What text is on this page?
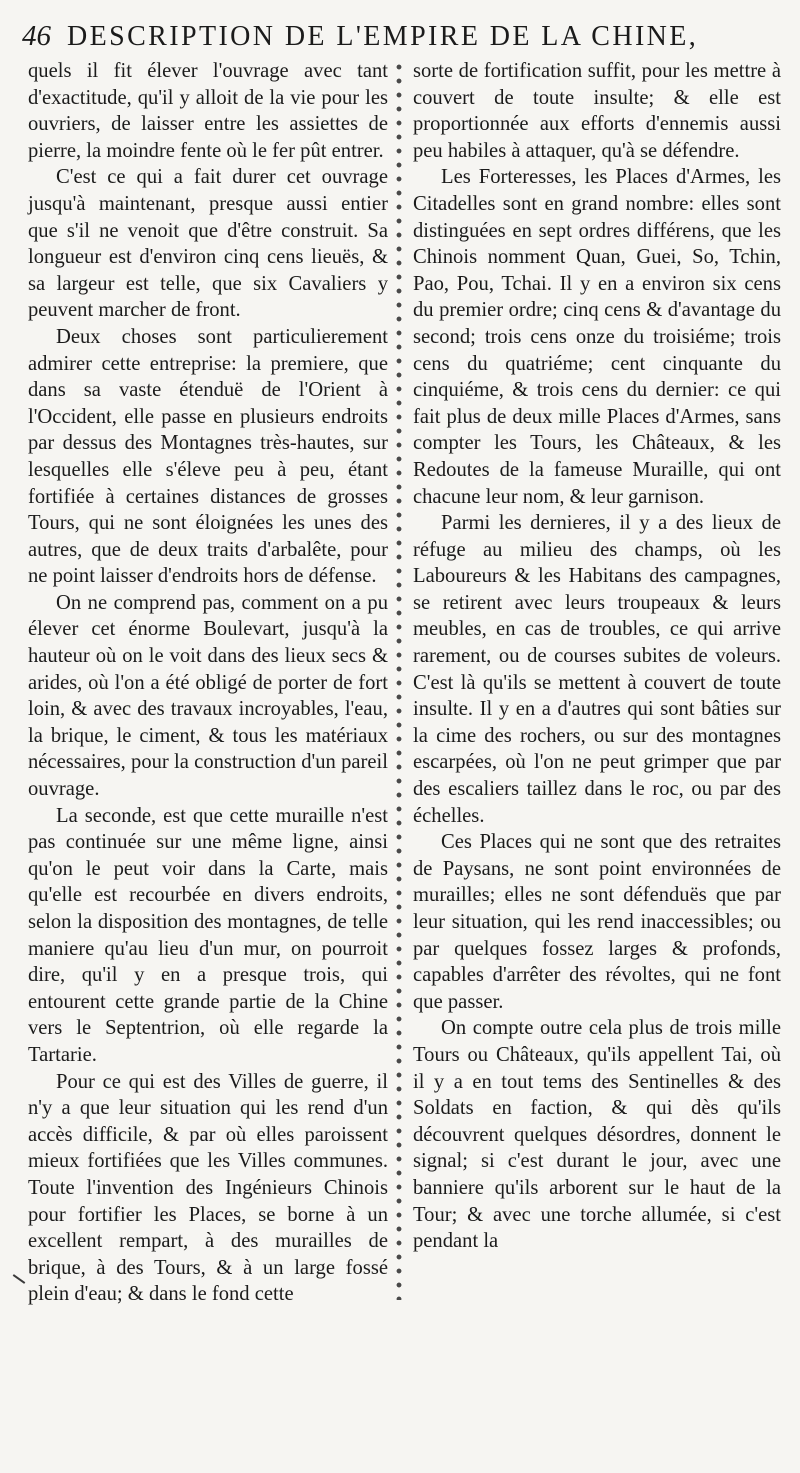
46 DESCRIPTION DE L'EMPIRE DE LA CHINE,

quels il fit élever l'ouvrage avec tant d'exactitude, qu'il y alloit de la vie pour les ouvriers, de laisser entre les assiettes de pierre, la moindre fente où le fer pût entrer.

C'est ce qui a fait durer cet ouvrage jusqu'à maintenant, presque aussi entier que s'il ne venoit que d'être construit. Sa longueur est d'environ cinq cens lieuës, & sa largeur est telle, que six Cavaliers y peuvent marcher de front.

Deux choses sont particulierement admirer cette entreprise: la premiere, que dans sa vaste étenduë de l'Orient à l'Occident, elle passe en plusieurs endroits par dessus des Montagnes très-hautes, sur lesquelles elle s'éleve peu à peu, étant fortifiée à certaines distances de grosses Tours, qui ne sont éloignées les unes des autres, que de deux traits d'arbalête, pour ne point laisser d'endroits hors de défense.

On ne comprend pas, comment on a pu élever cet énorme Boulevart, jusqu'à la hauteur où on le voit dans des lieux secs & arides, où l'on a été obligé de porter de fort loin, & avec des travaux incroyables, l'eau, la brique, le ciment, & tous les matériaux nécessaires, pour la construction d'un pareil ouvrage.

La seconde, est que cette muraille n'est pas continuée sur une même ligne, ainsi qu'on le peut voir dans la Carte, mais qu'elle est recourbée en divers endroits, selon la disposition des montagnes, de telle maniere qu'au lieu d'un mur, on pourroit dire, qu'il y en a presque trois, qui entourent cette grande partie de la Chine vers le Septentrion, où elle regarde la Tartarie.

Pour ce qui est des Villes de guerre, il n'y a que leur situation qui les rend d'un accès difficile, & par où elles paroissent mieux fortifiées que les Villes communes. Toute l'invention des Ingénieurs Chinois pour fortifier les Places, se borne à un excellent rempart, à des murailles de brique, à des Tours, & à un large fossé plein d'eau; & dans le fond cette

sorte de fortification suffit, pour les mettre à couvert de toute insulte; & elle est proportionnée aux efforts d'ennemis aussi peu habiles à attaquer, qu'à se défendre.

Les Forteresses, les Places d'Armes, les Citadelles sont en grand nombre: elles sont distinguées en sept ordres différens, que les Chinois nomment Quan, Guei, So, Tchin, Pao, Pou, Tchai. Il y en a environ six cens du premier ordre; cinq cens & d'avantage du second; trois cens onze du troisiéme; trois cens du quatriéme; cent cinquante du cinquiéme, & trois cens du dernier: ce qui fait plus de deux mille Places d'Armes, sans compter les Tours, les Châteaux, & les Redoutes de la fameuse Muraille, qui ont chacune leur nom, & leur garnison.

Parmi les dernieres, il y a des lieux de réfuge au milieu des champs, où les Laboureurs & les Habitans des campagnes, se retirent avec leurs troupeaux & leurs meubles, en cas de troubles, ce qui arrive rarement, ou de courses subites de voleurs. C'est là qu'ils se mettent à couvert de toute insulte. Il y en a d'autres qui sont bâties sur la cime des rochers, ou sur des montagnes escarpées, où l'on ne peut grimper que par des escaliers taillez dans le roc, ou par des échelles.

Ces Places qui ne sont que des retraites de Paysans, ne sont point environnées de murailles; elles ne sont défenduës que par leur situation, qui les rend inaccessibles; ou par quelques fossez larges & profonds, capables d'arrêter des révoltes, qui ne font que passer.

On compte outre cela plus de trois mille Tours ou Châteaux, qu'ils appellent Tai, où il y a en tout tems des Sentinelles & des Soldats en faction, & qui dès qu'ils découvrent quelques désordres, donnent le signal; si c'est durant le jour, avec une banniere qu'ils arborent sur le haut de la Tour; & avec une torche allumée, si c'est pendant la
